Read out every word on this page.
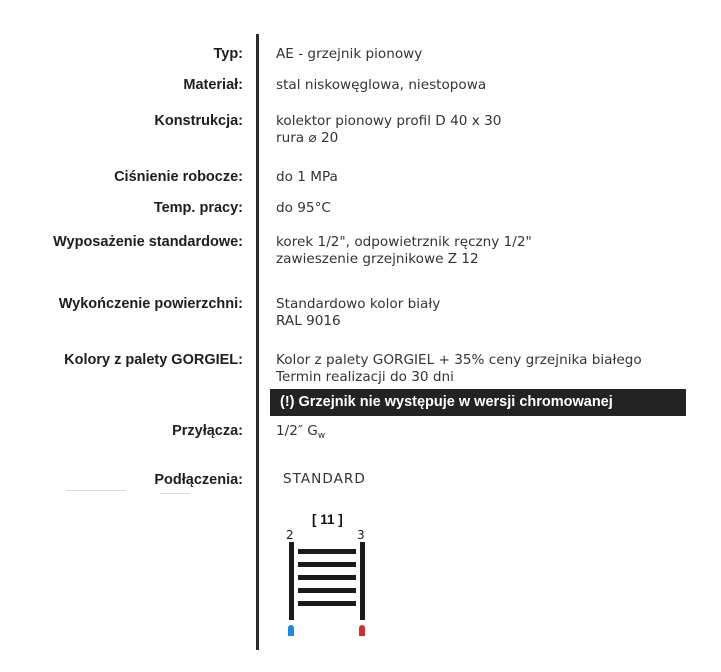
Typ: AE - grzejnik pionowy
Materiał: stal niskowęglowa, niestopowa
Konstrukcja: kolektor pionowy profil D 40 x 30
rura ⌀ 20
Ciśnienie robocze: do 1 MPa
Temp. pracy: do 95°C
Wyposażenie standardowe: korek 1/2", odpowietrznik ręczny 1/2"
zawieszenie grzejnikowe Z 12
Wykończenie powierzchni: Standardowo kolor biały
RAL 9016
Kolory z palety GORGIEL: Kolor z palety GORGIEL + 35% ceny grzejnika białego
Termin realizacji do 30 dni
(!) Grzejnik nie występuje w wersji chromowanej
Przyłącza: 1/2″ $G_w$
Podłączenia:	STANDARD
[ 11 ]
2	3
